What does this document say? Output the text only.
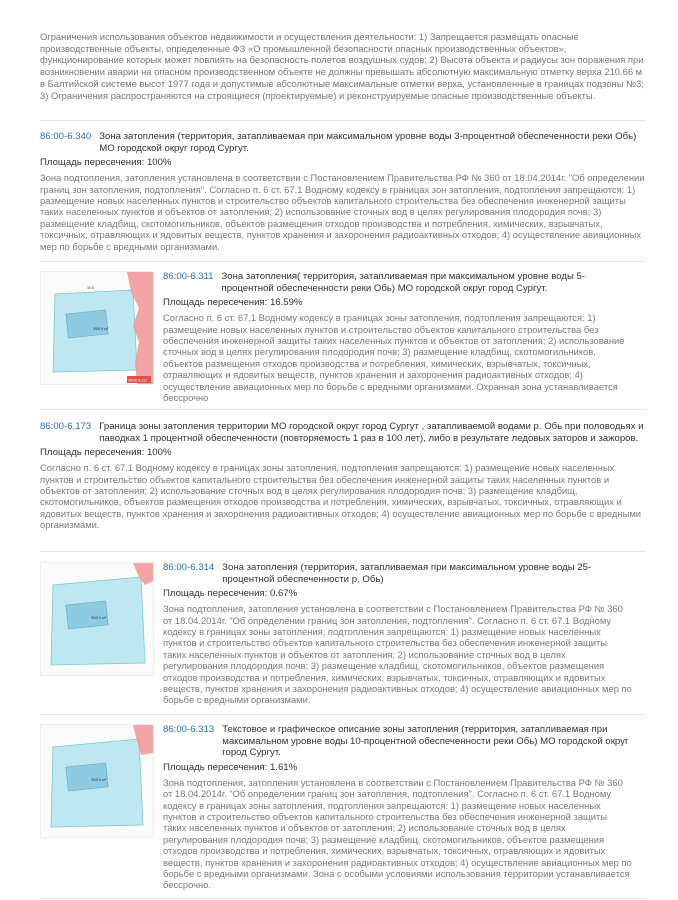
Ограничения использования объектов недвижимости и осуществления деятельности: 1) Запрещается размещать опасные производственные объекты, определенные ФЗ «О промышленной безопасности опасных производственных объектов», функционирование которых может повлиять на безопасность полетов воздушных судов; 2) Высота объекта и радиусы зон поражения при возникновении аварии на опасном производственном объекте не должны превышать абсолютную максимальную отметку верха 210.66 м в Балтийской системе высот 1977 года и допустимые абсолютные максимальные отметки верха, установленные в границах подзоны №3; 3) Ограничения распространяются на строящиеся (проектируемые) и реконструируемые опасные производственные объекты.
86:00-6.340 Зона затопления (территория, затапливаемая при максимальном уровне воды 3-процентной обеспеченности реки Обь) МО городской округ город Сургут.
Площадь пересечения: 100%
Зона подтопления, затопления установлена в соответствии с Постановлением Правительства РФ № 360 от 18.04.2014г. "Об определении границ зон затопления, подтопления". Согласно п. 6 ст. 67.1 Водному кодексу в границах зон затопления, подтопления запрещаются: 1) размещение новых населенных пунктов и строительство объектов капитального строительства без обеспечения инженерной защиты таких населенных пунктов и объектов от затопления; 2) использование сточных вод в целях регулирования плодородия почв; 3) размещение кладбищ, скотомогильников, объектов размещения отходов производства и потребления, химических, взрывчатых, токсичных, отравляющих и ядовитых веществ, пунктов хранения и захоронения радиоактивных отходов; 4) осуществление авиационных мер по борьбе с вредными организмами.
358.9 м²
35.8
86:00-6.311
86:00-6.311 Зона затопления( территория, затапливаемая при максимальном уровне воды 5-процентной обеспеченности реки Обь) МО городской округ город Сургут.
Площадь пересечения: 16.59%
Согласно п. 6 ст. 67.1 Водному кодексу в границах зоны затопления, подтопления запрещаются: 1) размещение новых населенных пунктов и строительство объектов капитального строительства без обеспечения инженерной защиты таких населенных пунктов и объектов от затопления; 2) использование сточных вод в целях регулирования плодородия почв; 3) размещение кладбищ, скотомогильников, объектов размещения отходов производства и потребления, химических, взрывчатых, токсичных, отравляющих и ядовитых веществ, пунктов хранения и захоронения радиоактивных отходов; 4) осуществление авиационных мер по борьбе с вредными организмами. Охранная зона устанавливается бессрочно
86:00-6.173 Граница зоны затопления территории МО городской округ город Сургут , затапливаемой водами р. Обь при половодьях и паводках 1 процентной обеспеченности (повторяемость 1 раз в 100 лет), либо в результате ледовых заторов и зажоров.
Площадь пересечения: 100%
Согласно п. 6 ст. 67.1 Водному кодексу в границах зоны затопления, подтопления запрещаются: 1) размещение новых населенных пунктов и строительство объектов капитального строительства без обеспечения инженерной защиты таких населенных пунктов и объектов от затопления; 2) использование сточных вод в целях регулирования плодородия почв; 3) размещение кладбищ, скотомогильников, объектов размещения отходов производства и потребления, химических, взрывчатых, токсичных, отравляющих и ядовитых веществ, пунктов хранения и захоронения радиоактивных отходов; 4) осуществление авиационных мер по борьбе с вредными организмами.
358.9 м²
86:00-6.314 Зона затопления (территория, затапливаемая при максимальном уровне воды 25-процентной обеспеченности р. Обь)
Площадь пересечения: 0.67%
Зона подтопления, затопления установлена в соответствии с Постановлением Правительства РФ № 360 от 18.04.2014г. "Об определении границ зон затопления, подтопления". Согласно п. 6 ст. 67.1 Водному кодексу в границах зоны затопления, подтопления запрещаются: 1) размещение новых населенных пунктов и строительство объектов капитального строительства без обеспечения инженерной защиты таких населенных пунктов и объектов от затопления; 2) использование сточных вод в целях регулирования плодородия почв; 3) размещение кладбищ, скотомогильников, объектов размещения отходов производства и потребления, химических, взрывчатых, токсичных, отравляющих и ядовитых веществ, пунктов хранения и захоронения радиоактивных отходов; 4) осуществление авиационных мер по борьбе с вредными организмами.
358.9 м²
86:00-6.313 Текстовое и графическое описание зоны затопления (территория, затапливаемая при максимальном уровне воды 10-процентной обеспеченности реки Обь) МО городской округ город Сургут.
Площадь пересечения: 1.61%
Зона подтопления, затопления установлена в соответствии с Постановлением Правительства РФ № 360 от 18.04.2014г. "Об определении границ зон затопления, подтопления". Согласно п. 6 ст. 67.1 Водному кодексу в границах зоны затопления, подтопления запрещаются: 1) размещение новых населенных пунктов и строительство объектов капитального строительства без обеспечения инженерной защиты таких населенных пунктов и объектов от затопления; 2) использование сточных вод в целях регулирования плодородия почв; 3) размещение кладбищ, скотомогильников, объектов размещения отходов производства и потребления, химических, взрывчатых, токсичных, отравляющих и ядовитых веществ, пунктов хранения и захоронения радиоактивных отходов; 4) осуществление авиационных мер по борьбе с вредными организмами. Зона с особыми условиями использования территории устанавливается бессрочно.
